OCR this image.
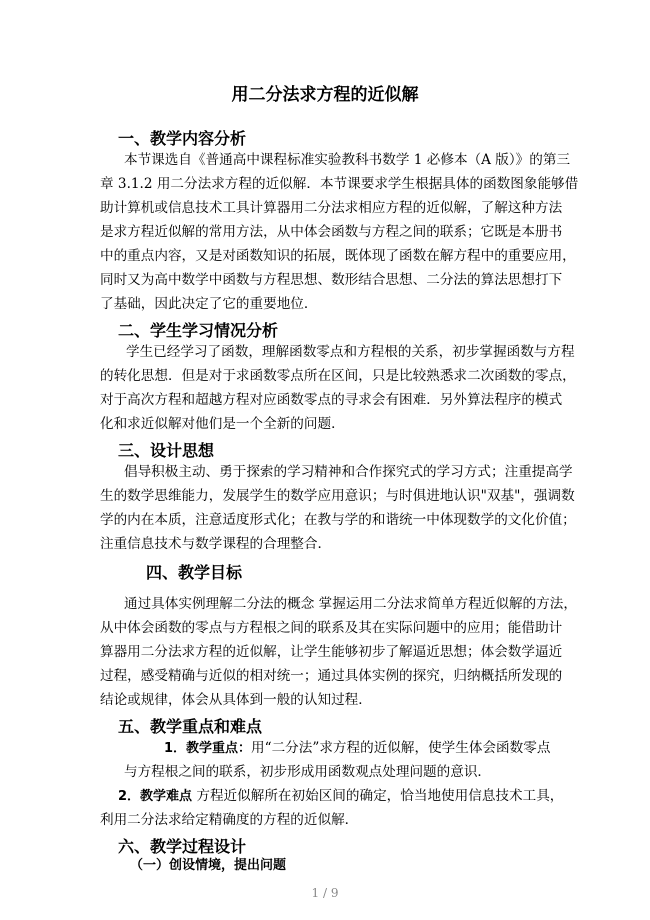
用二分法求方程的近似解
一、教学内容分析
本节课选自《普通高中课程标准实验教科书数学 1 必修本（A 版）》的第三
章 3.1.2 用二分法求方程的近似解．本节课要求学生根据具体的函数图象能够借
助计算机或信息技术工具计算器用二分法求相应方程的近似解，了解这种方法
是求方程近似解的常用方法，从中体会函数与方程之间的联系；它既是本册书
中的重点内容，又是对函数知识的拓展，既体现了函数在解方程中的重要应用，
同时又为高中数学中函数与方程思想、数形结合思想、二分法的算法思想打下
了基础，因此决定了它的重要地位．
二、学生学习情况分析
学生已经学习了函数，理解函数零点和方程根的关系，初步掌握函数与方程
的转化思想．但是对于求函数零点所在区间，只是比较熟悉求二次函数的零点，
对于高次方程和超越方程对应函数零点的寻求会有困难．另外算法程序的模式
化和求近似解对他们是一个全新的问题．
三、设计思想
倡导积极主动、勇于探索的学习精神和合作探究式的学习方式；注重提高学
生的数学思维能力，发展学生的数学应用意识；与时俱进地认识"双基"，强调数
学的内在本质，注意适度形式化；在教与学的和谐统一中体现数学的文化价值；
注重信息技术与数学课程的合理整合．
四、教学目标
通过具体实例理解二分法的概念 掌握运用二分法求简单方程近似解的方法，
从中体会函数的零点与方程根之间的联系及其在实际问题中的应用；能借助计
算器用二分法求方程的近似解，让学生能够初步了解逼近思想；体会数学逼近
过程，感受精确与近似的相对统一；通过具体实例的探究，归纳概括所发现的
结论或规律，体会从具体到一般的认知过程．
五、教学重点和难点
1．教学重点：用“二分法”求方程的近似解，使学生体会函数零点
与方程根之间的联系，初步形成用函数观点处理问题的意识．
2．教学难点 方程近似解所在初始区间的确定，恰当地使用信息技术工具，
利用二分法求给定精确度的方程的近似解．
六、教学过程设计
（一）创设情境，提出问题
1 / 9
